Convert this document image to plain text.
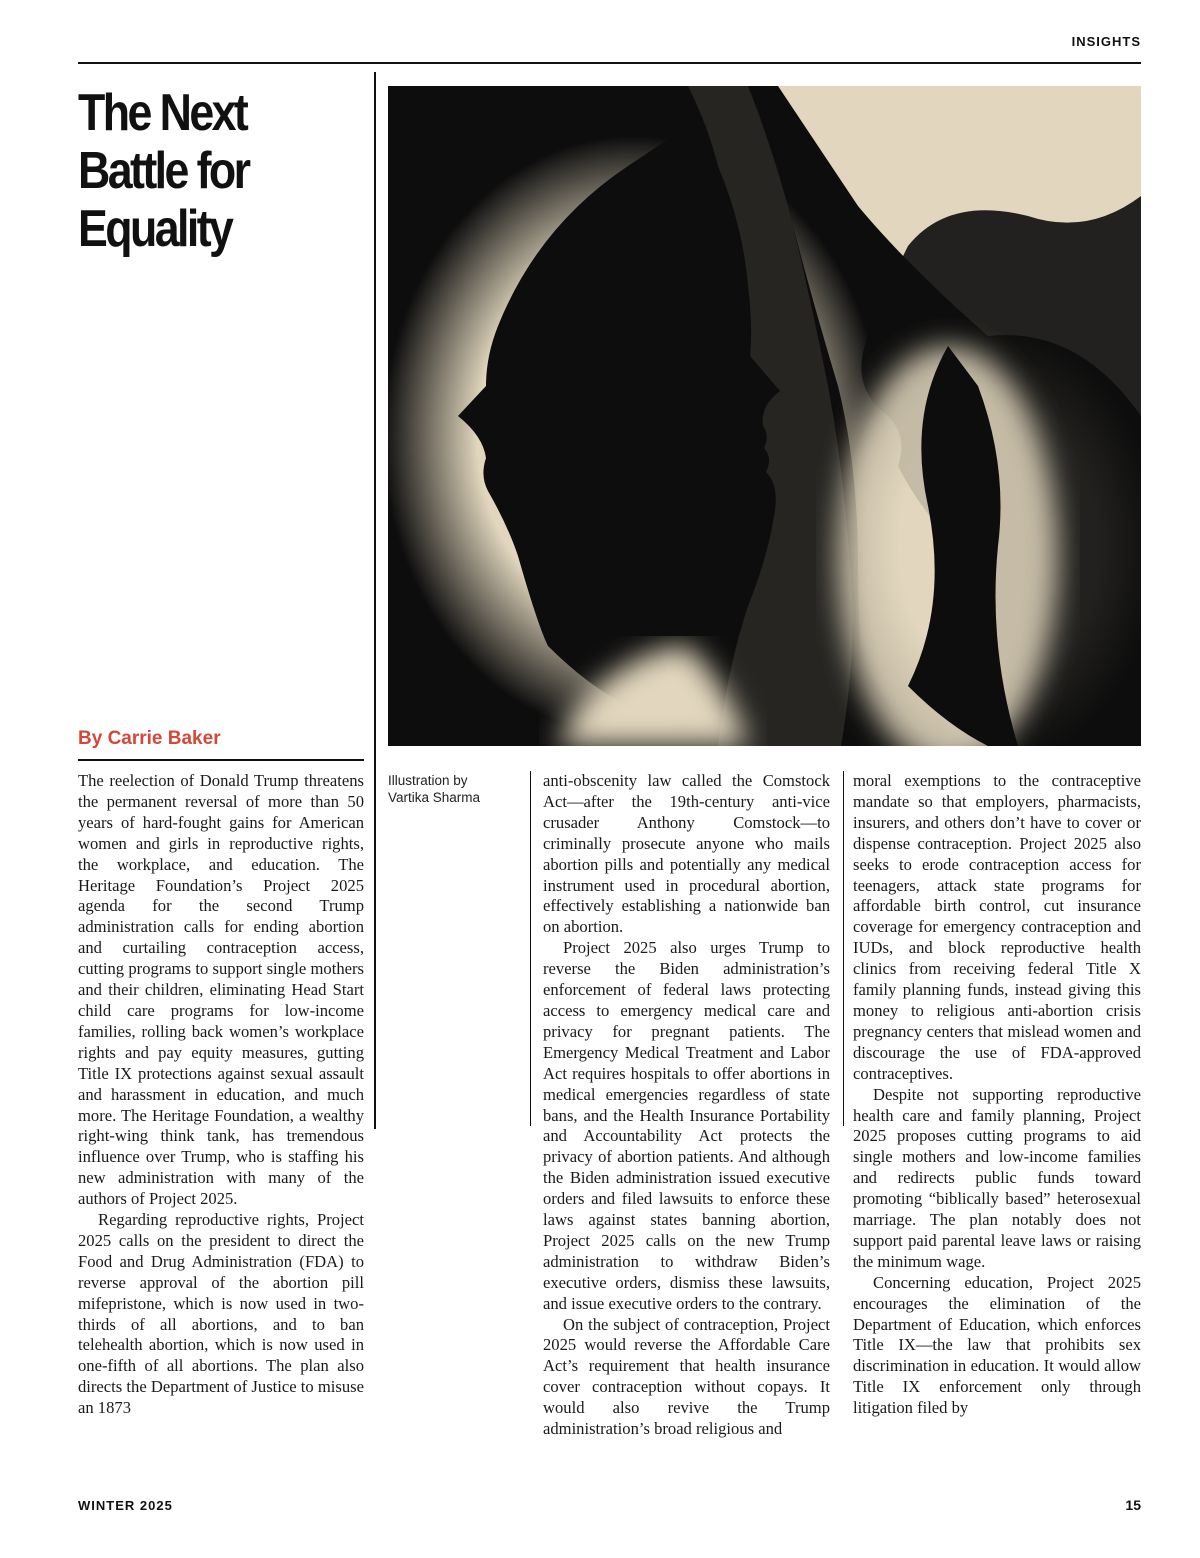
INSIGHTS
The Next Battle for Equality
By Carrie Baker
Illustration by
Vartika Sharma

The reelection of Donald Trump threatens the permanent reversal of more than 50 years of hard-fought gains for American women and girls in reproductive rights, the workplace, and education. The Heritage Foundation’s Project 2025 agenda for the second Trump administration calls for ending abortion and curtailing contraception access, cutting programs to support single mothers and their children, eliminating Head Start child care programs for low-income families, rolling back women’s workplace rights and pay equity measures, gutting Title IX protections against sexual assault and harassment in education, and much more. The Heritage Foundation, a wealthy right-wing think tank, has tremendous influence over Trump, who is staffing his new administration with many of the authors of Project 2025.

Regarding reproductive rights, Project 2025 calls on the president to direct the Food and Drug Administration (FDA) to reverse approval of the abortion pill mifepristone, which is now used in two-thirds of all abortions, and to ban telehealth abortion, which is now used in one-fifth of all abortions. The plan also directs the Department of Justice to misuse an 1873

anti-obscenity law called the Comstock Act—after the 19th-century anti-vice crusader Anthony Comstock—to criminally prosecute anyone who mails abortion pills and potentially any medical instrument used in procedural abortion, effectively establishing a nationwide ban on abortion.

Project 2025 also urges Trump to reverse the Biden administration’s enforcement of federal laws protecting access to emergency medical care and privacy for pregnant patients. The Emergency Medical Treatment and Labor Act requires hospitals to offer abortions in medical emergencies regardless of state bans, and the Health Insurance Portability and Accountability Act protects the privacy of abortion patients. And although the Biden administration issued executive orders and filed lawsuits to enforce these laws against states banning abortion, Project 2025 calls on the new Trump administration to withdraw Biden’s executive orders, dismiss these lawsuits, and issue executive orders to the contrary.

On the subject of contraception, Project 2025 would reverse the Affordable Care Act’s requirement that health insurance cover contraception without copays. It would also revive the Trump administration’s broad religious and

moral exemptions to the contraceptive mandate so that employers, pharmacists, insurers, and others don’t have to cover or dispense contraception. Project 2025 also seeks to erode contraception access for teenagers, attack state programs for affordable birth control, cut insurance coverage for emergency contraception and IUDs, and block reproductive health clinics from receiving federal Title X family planning funds, instead giving this money to religious anti-abortion crisis pregnancy centers that mislead women and discourage the use of FDA-approved contraceptives.

Despite not supporting reproductive health care and family planning, Project 2025 proposes cutting programs to aid single mothers and low-income families and redirects public funds toward promoting “biblically based” heterosexual marriage. The plan notably does not support paid parental leave laws or raising the minimum wage.

Concerning education, Project 2025 encourages the elimination of the Department of Education, which enforces Title IX—the law that prohibits sex discrimination in education. It would allow Title IX enforcement only through litigation filed by

WINTER 2025	15
